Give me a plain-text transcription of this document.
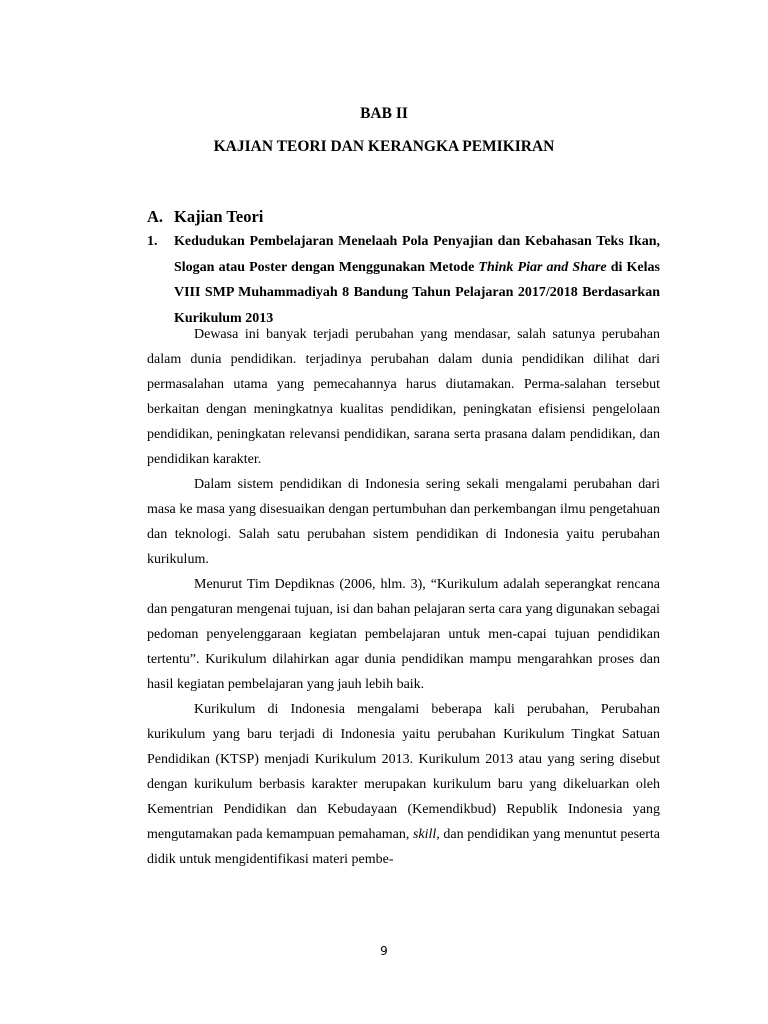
BAB II
KAJIAN TEORI DAN KERANGKA PEMIKIRAN
A. Kajian Teori
1. Kedudukan Pembelajaran Menelaah Pola Penyajian dan Kebahasan Teks Ikan, Slogan atau Poster dengan Menggunakan Metode Think Piar and Share di Kelas VIII SMP Muhammadiyah 8 Bandung Tahun Pelajaran 2017/2018 Berdasarkan Kurikulum 2013

Dewasa ini banyak terjadi perubahan yang mendasar, salah satunya perubahan dalam dunia pendidikan. terjadinya perubahan dalam dunia pendidikan dilihat dari permasalahan utama yang pemecahannya harus diutamakan. Perma-salahan tersebut berkaitan dengan meningkatnya kualitas pendidikan, peningkatan efisiensi pengelolaan pendidikan, peningkatan relevansi pendidikan, sarana serta prasana dalam pendidikan, dan pendidikan karakter.

Dalam sistem pendidikan di Indonesia sering sekali mengalami perubahan dari masa ke masa yang disesuaikan dengan pertumbuhan dan perkembangan ilmu pengetahuan dan teknologi. Salah satu perubahan sistem pendidikan di Indonesia yaitu perubahan kurikulum.

Menurut Tim Depdiknas (2006, hlm. 3), “Kurikulum adalah seperangkat rencana dan pengaturan mengenai tujuan, isi dan bahan pelajaran serta cara yang digunakan sebagai pedoman penyelenggaraan kegiatan pembelajaran untuk men-capai tujuan pendidikan tertentu”. Kurikulum dilahirkan agar dunia pendidikan mampu mengarahkan proses dan hasil kegiatan pembelajaran yang jauh lebih baik.

Kurikulum di Indonesia mengalami beberapa kali perubahan, Perubahan kurikulum yang baru terjadi di Indonesia yaitu perubahan Kurikulum Tingkat Satuan Pendidikan (KTSP) menjadi Kurikulum 2013. Kurikulum 2013 atau yang sering disebut dengan kurikulum berbasis karakter merupakan kurikulum baru yang dikeluarkan oleh Kementrian Pendidikan dan Kebudayaan (Kemendikbud) Republik Indonesia yang mengutamakan pada kemampuan pemahaman, skill, dan pendidikan yang menuntut peserta didik untuk mengidentifikasi materi pembe-

9
